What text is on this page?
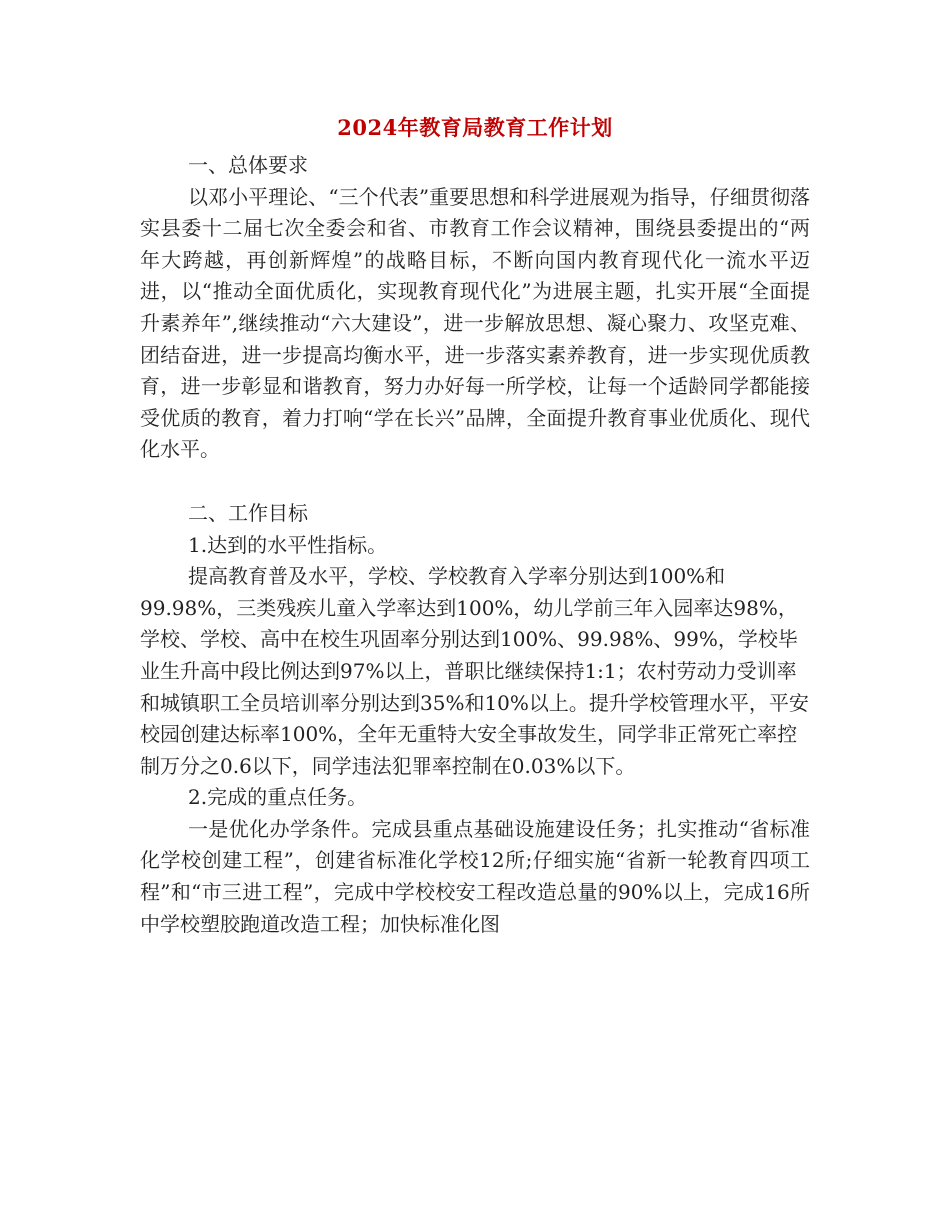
2024年教育局教育工作计划

一、总体要求

以邓小平理论、“三个代表”重要思想和科学进展观为指导，仔细贯彻落实县委十二届七次全委会和省、市教育工作会议精神，围绕县委提出的“两年大跨越，再创新辉煌”的战略目标，不断向国内教育现代化一流水平迈进，以“推动全面优质化，实现教育现代化”为进展主题，扎实开展“全面提升素养年”,继续推动“六大建设”，进一步解放思想、凝心聚力、攻坚克难、团结奋进，进一步提高均衡水平，进一步落实素养教育，进一步实现优质教育，进一步彰显和谐教育，努力办好每一所学校，让每一个适龄同学都能接受优质的教育，着力打响“学在长兴”品牌，全面提升教育事业优质化、现代化水平。

二、工作目标

1.达到的水平性指标。

提高教育普及水平，学校、学校教育入学率分别达到100%和99.98%，三类残疾儿童入学率达到100%，幼儿学前三年入园率达98%，学校、学校、高中在校生巩固率分别达到100%、99.98%、99%，学校毕业生升高中段比例达到97%以上，普职比继续保持1:1；农村劳动力受训率和城镇职工全员培训率分别达到35%和10%以上。提升学校管理水平，平安校园创建达标率100%，全年无重特大安全事故发生，同学非正常死亡率控制万分之0.6以下，同学违法犯罪率控制在0.03%以下。

2.完成的重点任务。

一是优化办学条件。完成县重点基础设施建设任务；扎实推动“省标准化学校创建工程”，创建省标准化学校12所;仔细实施“省新一轮教育四项工程”和“市三进工程”，完成中学校校安工程改造总量的90%以上，完成16所中学校塑胶跑道改造工程；加快标准化图
